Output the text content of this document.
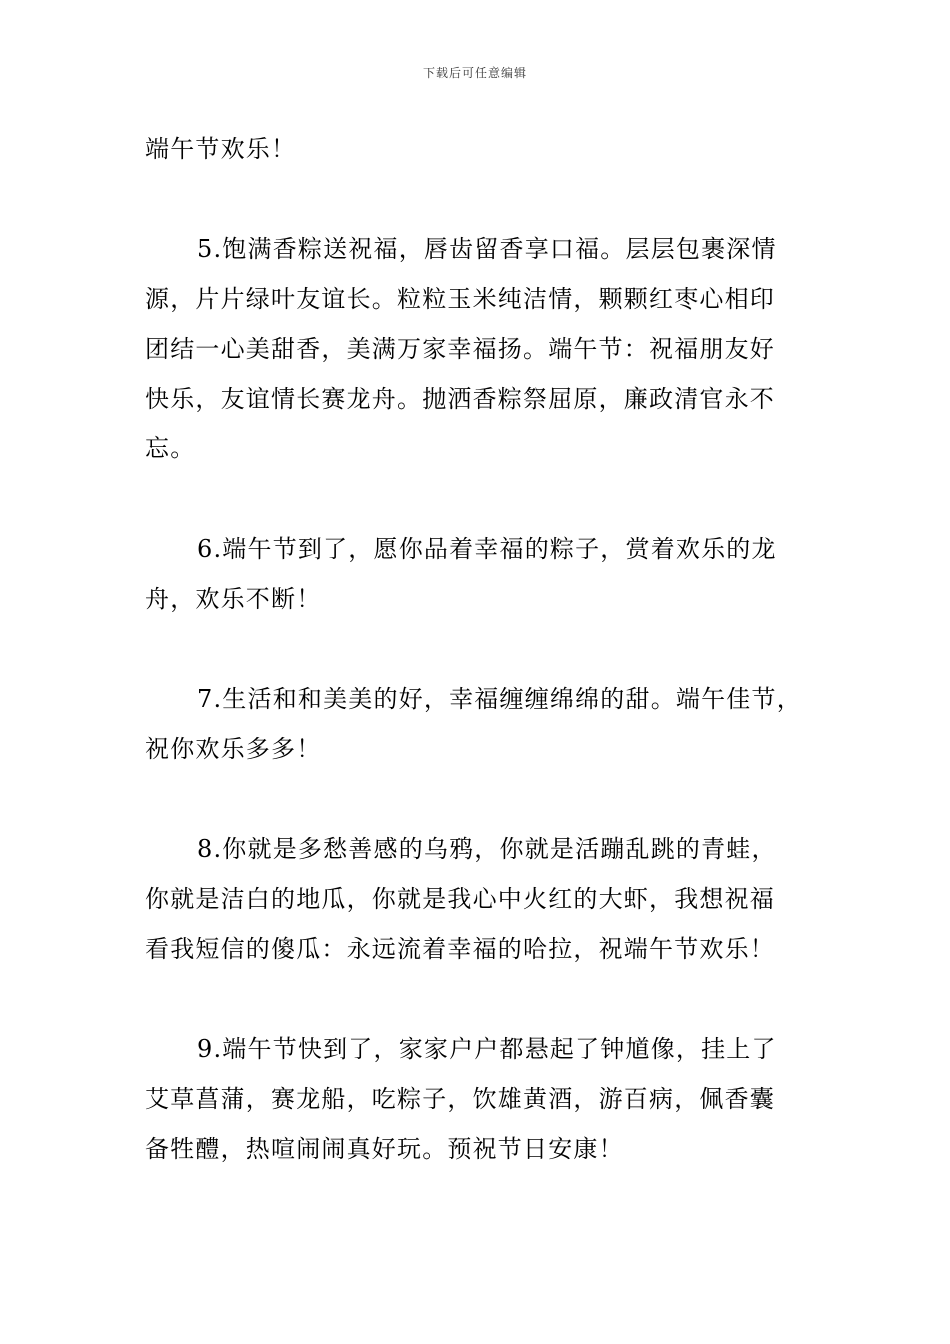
下载后可任意编辑
端午节欢乐！
5.饱满香粽送祝福，唇齿留香享口福。层层包裹深情
源，片片绿叶友谊长。粒粒玉米纯洁情，颗颗红枣心相印
团结一心美甜香，美满万家幸福扬。端午节：祝福朋友好
快乐，友谊情长赛龙舟。抛洒香粽祭屈原，廉政清官永不
忘。
6.端午节到了，愿你品着幸福的粽子，赏着欢乐的龙
舟，欢乐不断！
7.生活和和美美的好，幸福缠缠绵绵的甜。端午佳节，
祝你欢乐多多！
8.你就是多愁善感的乌鸦，你就是活蹦乱跳的青蛙，
你就是洁白的地瓜，你就是我心中火红的大虾，我想祝福
看我短信的傻瓜：永远流着幸福的哈拉，祝端午节欢乐！
9.端午节快到了，家家户户都悬起了钟馗像，挂上了
艾草菖蒲，赛龙船，吃粽子，饮雄黄酒，游百病，佩香囊
备牲醴，热喧闹闹真好玩。预祝节日安康！
